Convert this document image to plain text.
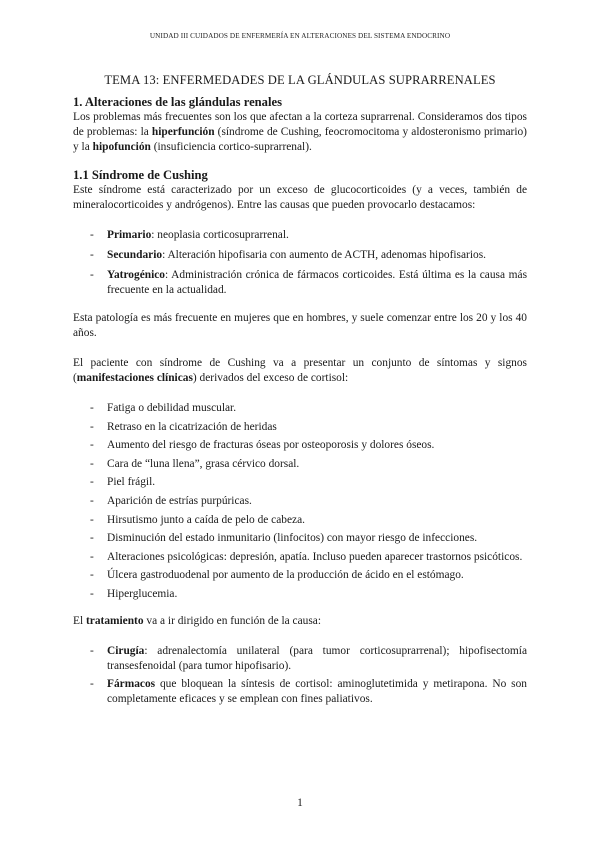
UNIDAD III CUIDADOS DE ENFERMERÍA EN ALTERACIONES DEL SISTEMA ENDOCRINO
TEMA 13: ENFERMEDADES DE LA GLÁNDULAS SUPRARRENALES
1. Alteraciones de las glándulas renales

Los problemas más frecuentes son los que afectan a la corteza suprarrenal. Consideramos dos tipos de problemas: la hiperfunción (síndrome de Cushing, feocromocitoma y aldosteronismo primario) y la hipofunción (insuficiencia cortico-suprarrenal).

1.1 Síndrome de Cushing

Este síndrome está caracterizado por un exceso de glucocorticoides (y a veces, también de mineralocorticoides y andrógenos). Entre las causas que pueden provocarlo destacamos:

- Primario: neoplasia corticosuprarrenal.
- Secundario: Alteración hipofisaria con aumento de ACTH, adenomas hipofisarios.
- Yatrogénico: Administración crónica de fármacos corticoides. Está última es la causa más frecuente en la actualidad.

Esta patología es más frecuente en mujeres que en hombres, y suele comenzar entre los 20 y los 40 años.

El paciente con síndrome de Cushing va a presentar un conjunto de síntomas y signos (manifestaciones clínicas) derivados del exceso de cortisol:

- Fatiga o debilidad muscular.
- Retraso en la cicatrización de heridas
- Aumento del riesgo de fracturas óseas por osteoporosis y dolores óseos.
- Cara de “luna llena”, grasa cérvico dorsal.
- Piel frágil.
- Aparición de estrías purpúricas.
- Hirsutismo junto a caída de pelo de cabeza.
- Disminución del estado inmunitario (linfocitos) con mayor riesgo de infecciones.
- Alteraciones psicológicas: depresión, apatía. Incluso pueden aparecer trastornos psicóticos.
- Úlcera gastroduodenal por aumento de la producción de ácido en el estómago.
- Hiperglucemia.

El tratamiento va a ir dirigido en función de la causa:

- Cirugía: adrenalectomía unilateral (para tumor corticosuprarrenal); hipofisectomía transesfenoidal (para tumor hipofisario).
- Fármacos que bloquean la síntesis de cortisol: aminoglutetimida y metirapona. No son completamente eficaces y se emplean con fines paliativos.
1
